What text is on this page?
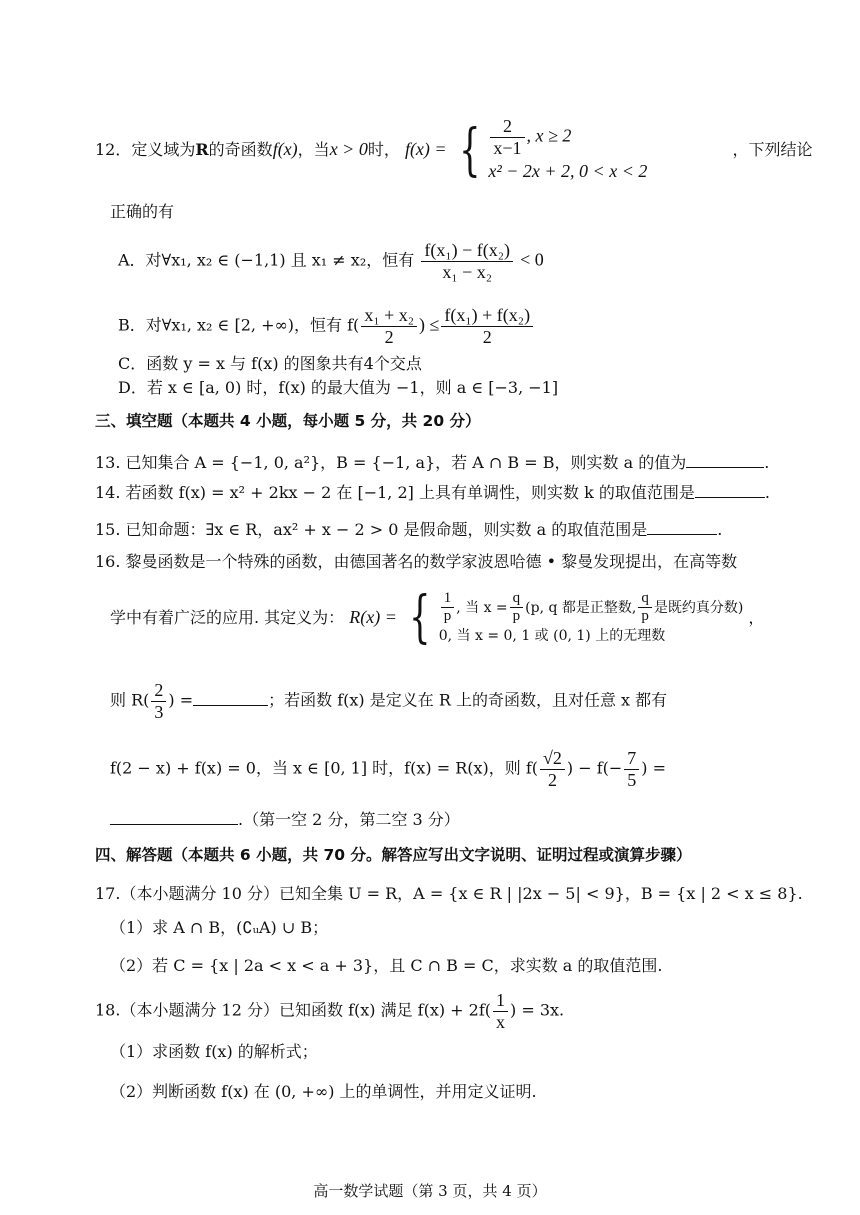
12．定义域为R的奇函数f(x)，当x > 0时， f(x) = { $\frac{2}{x-1}$ , x ≥ 2
x² − 2x + 2, 0 < x < 2
，下列结论
正确的有
A．对∀x₁, x₂ ∈ (−1,1) 且 x₁ ≠ x₂，恒有 $\frac{\text{f(x₁) − f(x₂)}}{\text{x₁ − x₂}} < 0$
B．对∀x₁, x₂ ∈ [2, +∞)，恒有 $f( \frac{\text{x₁ + x₂}}{2}$ ) ≤ $\frac{\text{f(x₁) + f(x₂)}}{2}$
C．函数 y = x 与 f(x) 的图象共有4个交点
D．若 x ∈ [a, 0) 时，f(x) 的最大值为 −1，则 a ∈ [−3, −1]
三、填空题（本题共 4 小题，每小题 5 分，共 20 分）
13. 已知集合 A = {−1, 0, a²}，B = {−1, a}，若 A ∩ B = B，则实数 a 的值为	.
14. 若函数 f(x) = x² + 2kx − 2 在 [−1, 2] 上具有单调性，则实数 k 的取值范围是	.
15. 已知命题：∃x ∈ R，ax² + x − 2 > 0 是假命题，则实数 a 的取值范围是	.
16. 黎曼函数是一个特殊的函数，由德国著名的数学家波恩哈德 • 黎曼发现提出，在高等数
学中有着广泛的应用. 其定义为： R(x) = { $\frac{1}{p}$ , 当 $x = \frac{q}{p} (p$, q 都是正整数, $\frac{q}{p}$ 是既约真分数)
0, 当 x = 0, 1 或 (0, 1) 上的无理数
，
则 $R( \frac{2}{3}$ ) =	；若函数 f(x) 是定义在 R 上的奇函数，且对任意 x 都有
f(2 − x) + f(x) = 0，当 x ∈ [0, 1] 时，f(x) = R(x)，则 $f( \frac{√2}{2}$ ) − $f(- \frac{7}{5}$ ) =
.（第一空 2 分，第二空 3 分）
四、解答题（本题共 6 小题，共 70 分。解答应写出文字说明、证明过程或演算步骤）
17.（本小题满分 10 分）已知全集 U = R，A = {x ∈ R | |2x − 5| < 9}，B = {x | 2 < x ≤ 8}.
（1）求 A ∩ B，(∁ᵤA) ∪ B；
（2）若 C = {x | 2a < x < a + 3}，且 C ∩ B = C，求实数 a 的取值范围.
18.（本小题满分 12 分）已知函数 f(x) 满足 $f(x) + 2f( \frac{1}{x}$ ) = 3x.
（1）求函数 f(x) 的解析式；
（2）判断函数 f(x) 在 (0, +∞) 上的单调性，并用定义证明.
高一数学试题（第 3 页，共 4 页）
